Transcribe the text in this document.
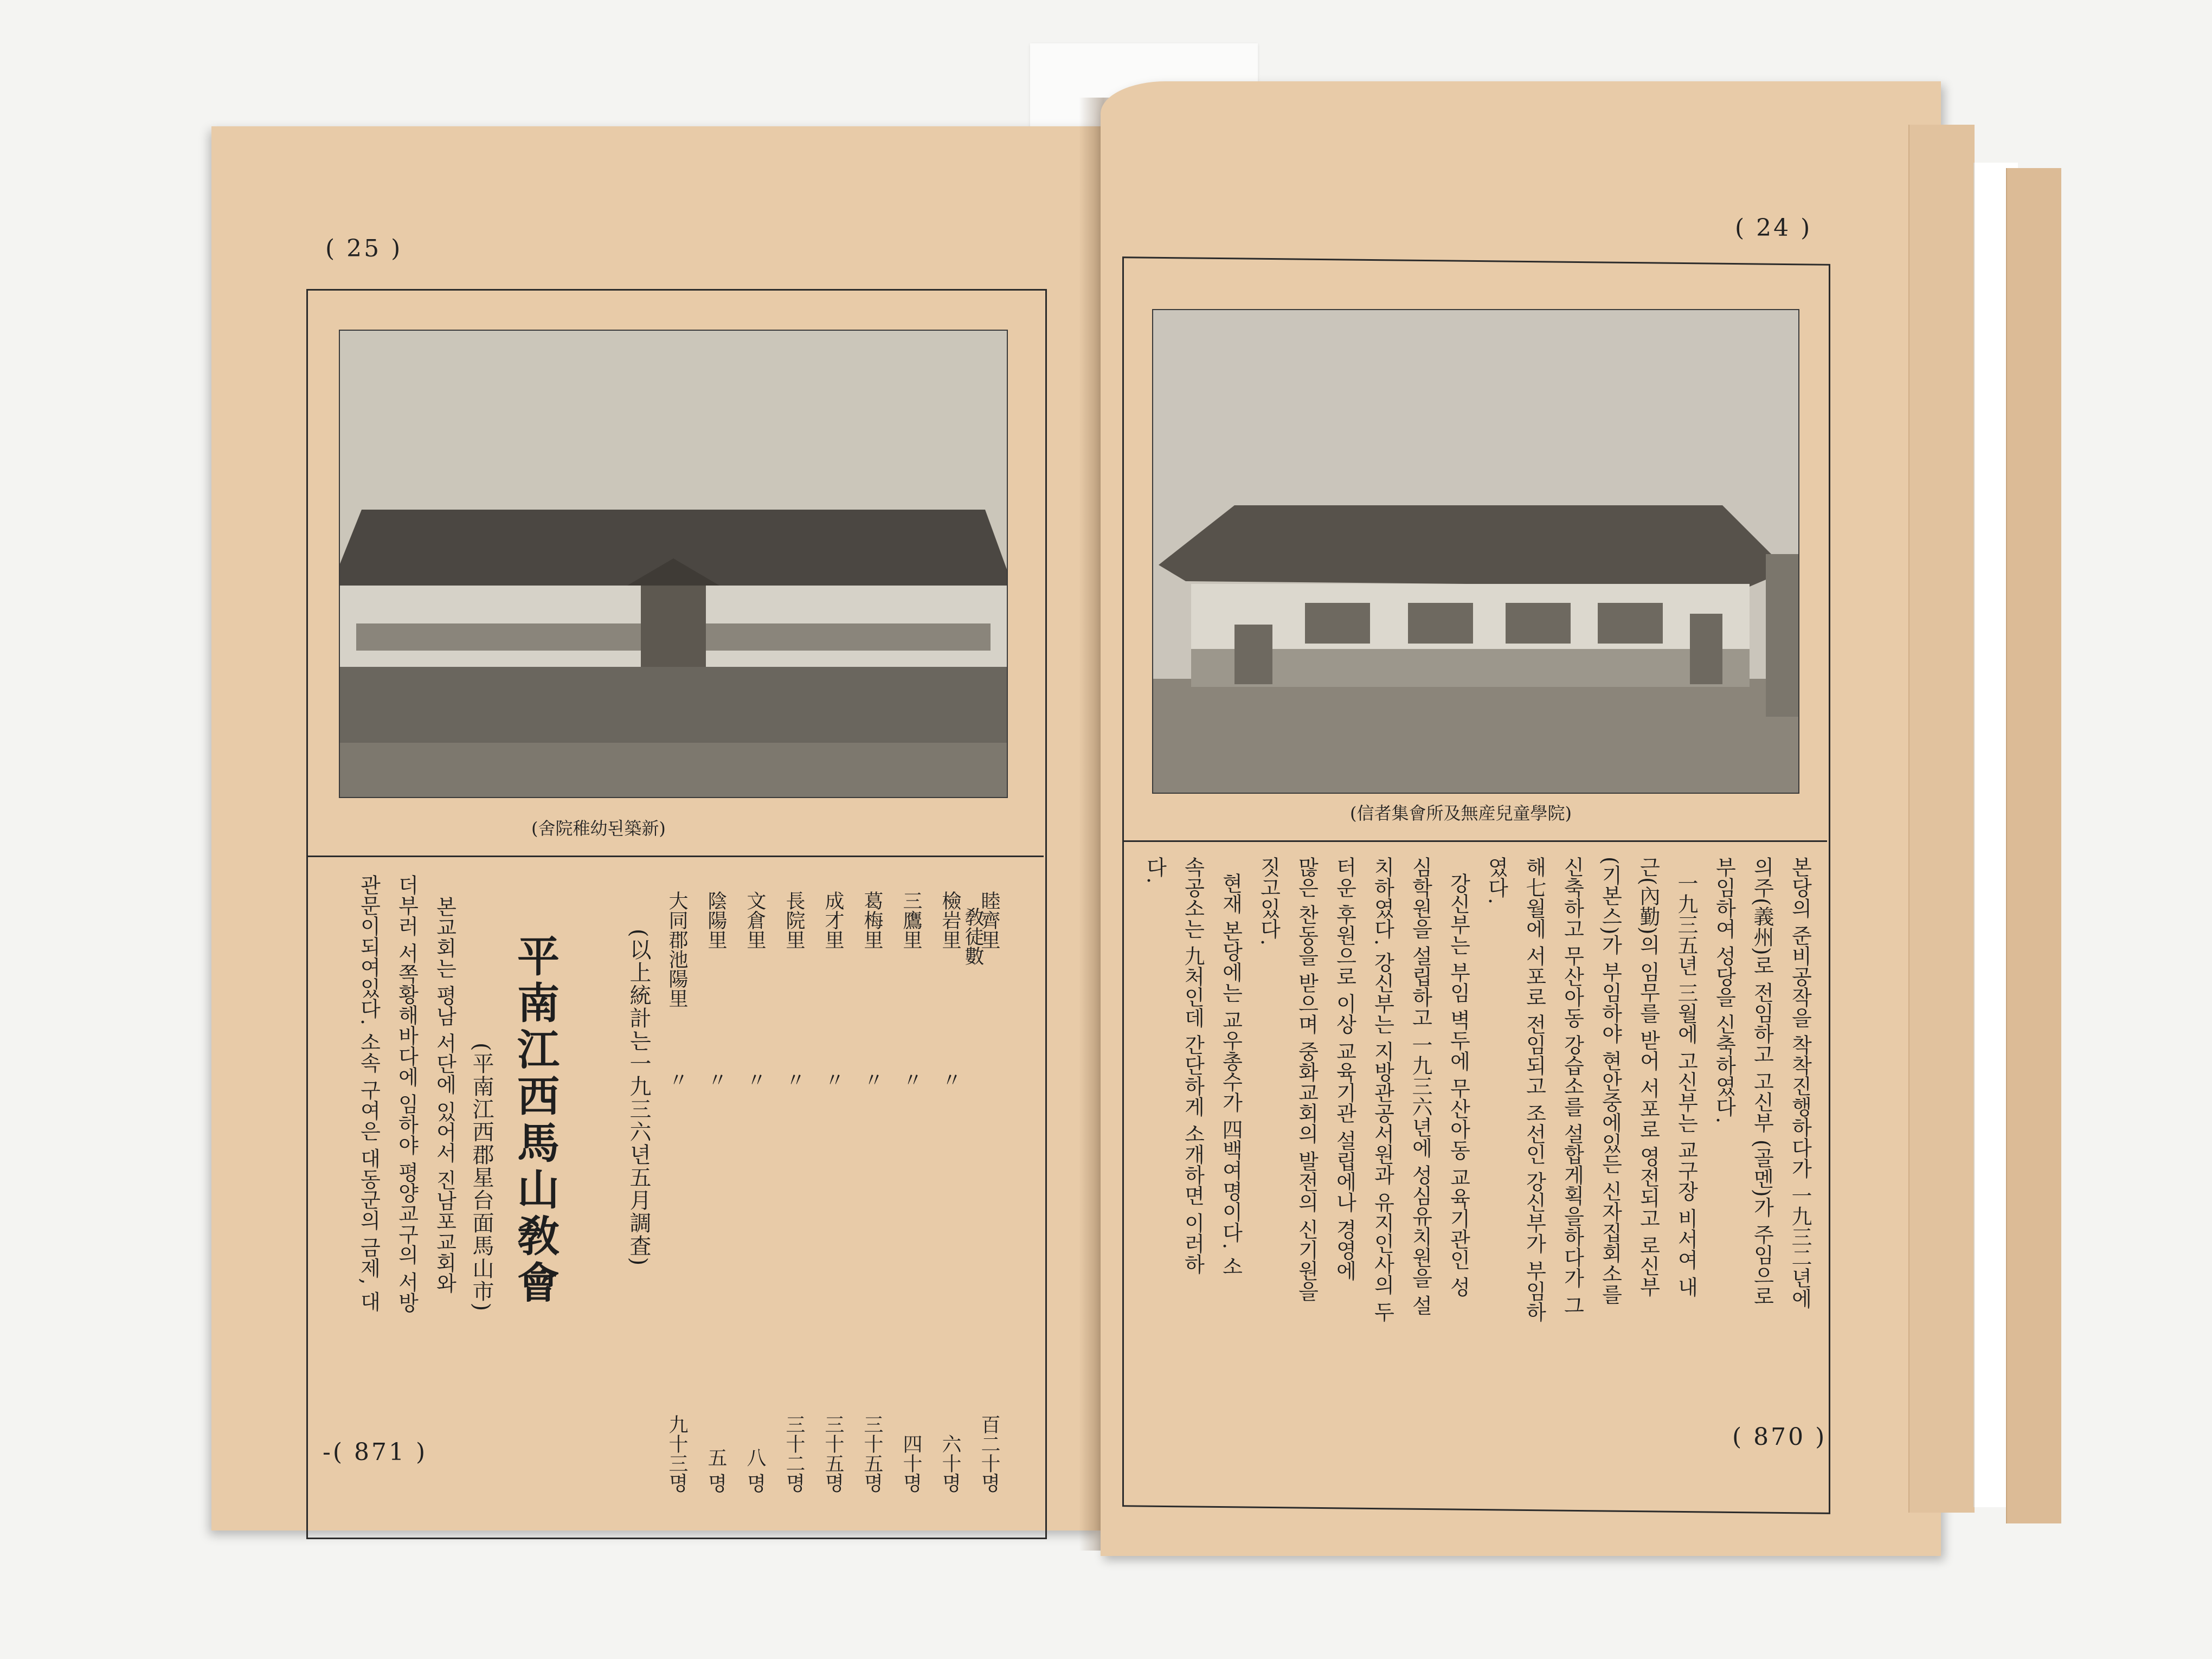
( 25 )
(舍院稚幼된築新)
敎徒數
睦齊里
百二十명
檢岩里
〃
六十명
三鷹里
〃
四十명
葛梅里
〃
三十五명
成才里
〃
三十五명
長院里
〃
三十二명
文倉里
〃
八 명
陰陽里
〃
五 명
大同郡池陽里
〃
九十三명
(以上統計는一九三六년五月調査)
平南江西馬山敎會
(平南江西郡星台面馬山市)
본교회는 평남 서단에 있어서 진남포교회와
더부러 서쪽황해바다에 임하야 평양교구의 서방
관문이되여있다. 소속 구여은 대동군의 금제, 대
-( 871 )
( 24 )
(信者集會所及無産兒童學院)
본당의 준비공작을 착착진행하다가 一九三二년에
의주(義州)로 전임하고 고신부 (골멘)가 주임으로
부임하여 성당을 신축하였다.
一九三五년 三월에 고신부는 교구장 비서여 내
근(內勤)의 임무를 받어 서포로 영전되고 로신부
(기본스)가 부임하야 현안중에있든 신자집회소를
신축하고 무산아동 강습소를 설합게획을하다가 그
해七월에 서포로 전임되고 조선인 강신부가 부임하
였다.
강신부는 부임 벽두에 무산아동 교육기관인 성
심학원을 설립하고 一九三六년에 성심유치원을 설
치하였다. 강신부는 지방관공서원과 유지인사의 두
터운 후원으로 이상 교육기관 설립에나 경영에
많은 찬동을 받으며 중화교회의 발전의 신기원을
짓고있다.
현재 본당에는 교우총수가 四백여명이다. 소
속공소는 九처인데 간단하게 소개하면 이러하
다.
( 870 )
